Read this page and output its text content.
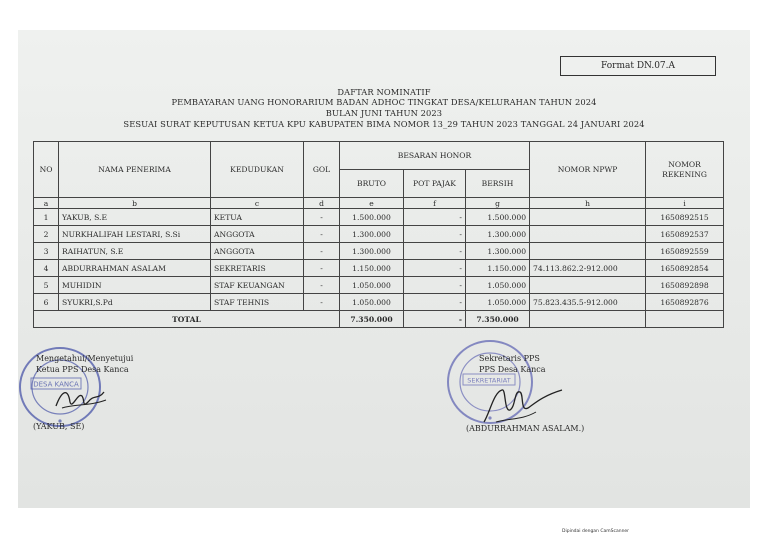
Format DN.07.A
DAFTAR NOMINATIF
PEMBAYARAN UANG HONORARIUM BADAN ADHOC TINGKAT DESA/KELURAHAN TAHUN 2024
BULAN JUNI TAHUN 2023
SESUAI SURAT KEPUTUSAN KETUA KPU KABUPATEN BIMA NOMOR 13_29 TAHUN 2023 TANGGAL 24 JANUARI 2024
NO	NAMA PENERIMA	KEDUDUKAN	GOL	BESARAN HONOR			NOMOR NPWP	NOMOR REKENING
				BRUTO	POT PAJAK	BERSIH		
a	b	c	d	e	f	g	h	i
1	YAKUB, S.E	KETUA	-	1.500.000	-	1.500.000		1650892515
2	NURKHALIFAH LESTARI, S.Si	ANGGOTA	-	1.300.000	-	1.300.000		1650892537
3	RAIHATUN, S.E	ANGGOTA	-	1.300.000	-	1.300.000		1650892559
4	ABDURRAHMAN ASALAM	SEKRETARIS	-	1.150.000	-	1.150.000	74.113.862.2-912.000	1650892854
5	MUHIDIN	STAF KEUANGAN	-	1.050.000	-	1.050.000		1650892898
6	SYUKRI,S.Pd	STAF TEHNIS	-	1.050.000	-	1.050.000	75.823.435.5-912.000	1650892876
TOTAL				7.350.000	-	7.350.000		
DESA KANCA	SEKRETARIAT
Mengetahui/Menyetujui
Ketua PPS Desa Kanca
(YAKUB, SE)
Sekretaris PPS
PPS Desa Kanca
(ABDURRAHMAN ASALAM.)
Dipindai dengan CamScanner
